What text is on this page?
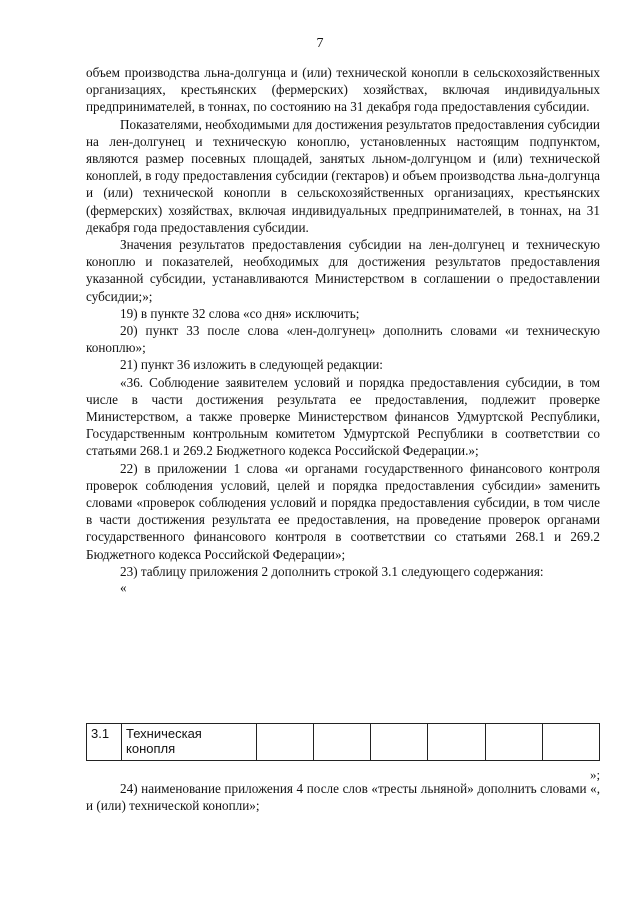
7

объем производства льна-долгунца и (или) технической конопли в сельскохозяйственных организациях, крестьянских (фермерских) хозяйствах, включая индивидуальных предпринимателей, в тоннах, по состоянию на 31 декабря года предоставления субсидии.

Показателями, необходимыми для достижения результатов предоставления субсидии на лен-долгунец и техническую коноплю, установленных настоящим подпунктом, являются размер посевных площадей, занятых льном-долгунцом и (или) технической коноплей, в году предоставления субсидии (гектаров) и объем производства льна-долгунца и (или) технической конопли в сельскохозяйственных организациях, крестьянских (фермерских) хозяйствах, включая индивидуальных предпринимателей, в тоннах, на 31 декабря года предоставления субсидии.

Значения результатов предоставления субсидии на лен-долгунец и техническую коноплю и показателей, необходимых для достижения результатов предоставления указанной субсидии, устанавливаются Министерством в соглашении о предоставлении субсидии;»;

19) в пункте 32 слова «со дня» исключить;

20) пункт 33 после слова «лен-долгунец» дополнить словами «и техническую коноплю»;

21) пункт 36 изложить в следующей редакции:

«36. Соблюдение заявителем условий и порядка предоставления субсидии, в том числе в части достижения результата ее предоставления, подлежит проверке Министерством, а также проверке Министерством финансов Удмуртской Республики, Государственным контрольным комитетом Удмуртской Республики в соответствии со статьями 268.1 и 269.2 Бюджетного кодекса Российской Федерации.»;

22) в приложении 1 слова «и органами государственного финансового контроля проверок соблюдения условий, целей и порядка предоставления субсидии» заменить словами «проверок соблюдения условий и порядка предоставления субсидии, в том числе в части достижения результата ее предоставления, на проведение проверок органами государственного финансового контроля в соответствии со статьями 268.1 и 269.2 Бюджетного кодекса Российской Федерации»;

23) таблицу приложения 2 дополнить строкой 3.1 следующего содержания:

«
3.1	Техническая конопля						
»;

24) наименование приложения 4 после слов «тресты льняной» дополнить словами «, и (или) технической конопли»;
